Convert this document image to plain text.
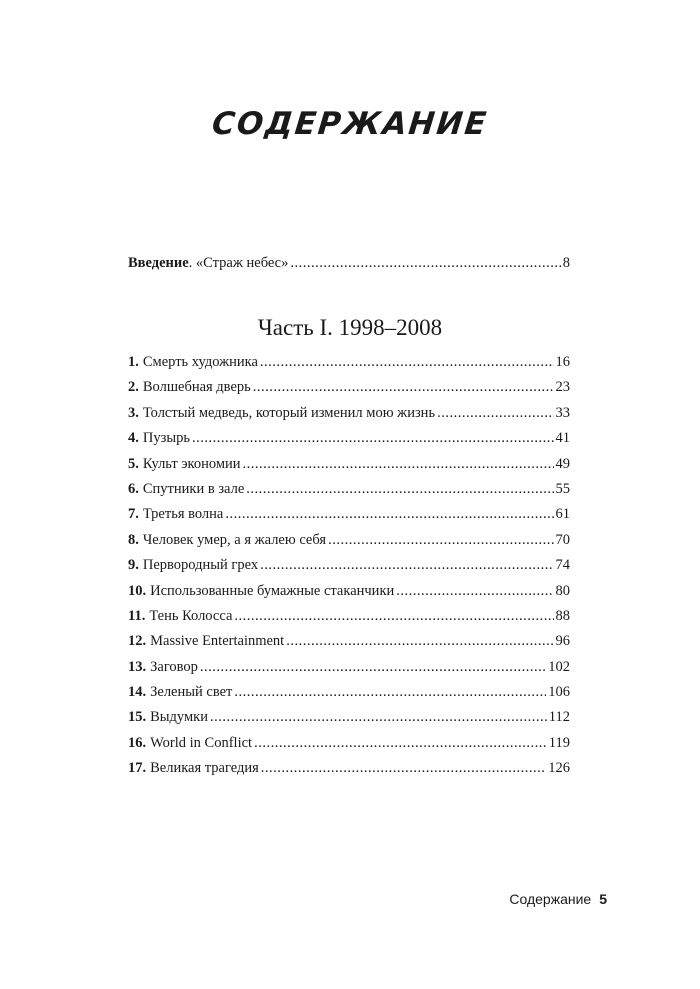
СОДЕРЖАНИЕ
Введение . «Страж небес» .....	8
Часть I. 1998–2008
1. Смерть художника .....	16
2. Волшебная дверь .....	23
3. Толстый медведь, который изменил мою жизнь .....	33
4. Пузырь .....	41
5. Культ экономии .....	49
6. Спутники в зале .....	55
7. Третья волна .....	61
8. Человек умер, а я жалею себя .....	70
9. Первородный грех .....	74
10. Использованные бумажные стаканчики .....	80
11. Тень Колосса .....	88
12. Massive Entertainment .....	96
13. Заговор .....	102
14. Зеленый свет .....	106
15. Выдумки .....	112
16. World in Conflict .....	119
17. Великая трагедия .....	126
Содержание 5
